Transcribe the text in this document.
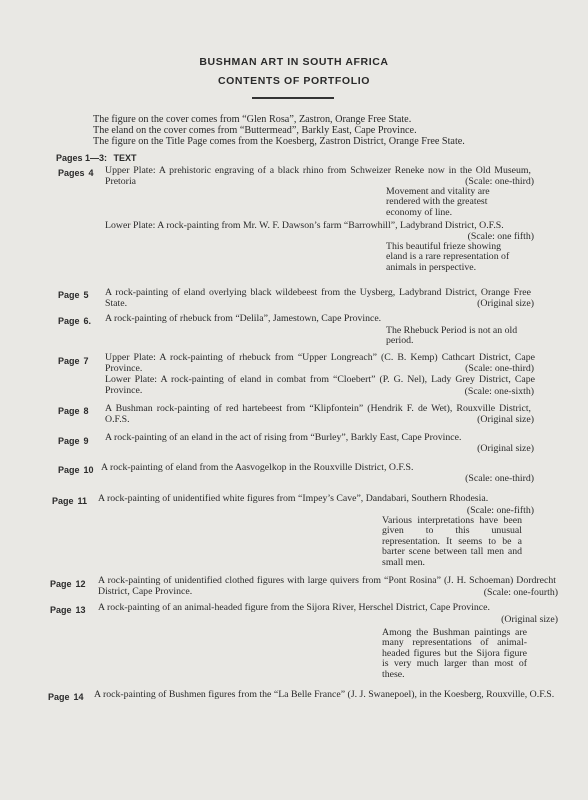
BUSHMAN ART IN SOUTH AFRICA
CONTENTS OF PORTFOLIO
The figure on the cover comes from “Glen Rosa”, Zastron, Orange Free State.
The eland on the cover comes from “Buttermead”, Barkly East, Cape Province.
The figure on the Title Page comes from the Koesberg, Zastron District, Orange Free State.
Pages 1—3: TEXT
Pages 4 Upper Plate: A prehistoric engraving of a black rhino from Schweizer Reneke now in the Old Museum, Pretoria	(Scale: one-third)
Movement and vitality are rendered with the greatest economy of line.
Lower Plate: A rock-painting from Mr. W. F. Dawson’s farm “Barrowhill”, Ladybrand District, O.F.S.
(Scale: one fifth)
This beautiful frieze showing eland is a rare representation of animals in perspective.
Page 5 A rock-painting of eland overlying black wildebeest from the Uysberg, Ladybrand District, Orange Free State.	(Original size)
Page 6. A rock-painting of rhebuck from “Delila”, Jamestown, Cape Province.
The Rhebuck Period is not an old period.
Page 7 Upper Plate: A rock-painting of rhebuck from “Upper Longreach” (C. B. Kemp) Cathcart District, Cape Province.	(Scale: one-third)
Lower Plate: A rock-painting of eland in combat from “Cloebert” (P. G. Nel), Lady Grey District, Cape Province.	(Scale: one-sixth)
Page 8 A Bushman rock-painting of red hartebeest from “Klipfontein” (Hendrik F. de Wet), Rouxville District, O.F.S.	(Original size)
Page 9 A rock-painting of an eland in the act of rising from “Burley”, Barkly East, Cape Province.
(Original size)
Page 10 A rock-painting of eland from the Aasvogelkop in the Rouxville District, O.F.S.
(Scale: one-third)
Page 11 A rock-painting of unidentified white figures from “Impey’s Cave”, Dandabari, Southern Rhodesia.
(Scale: one-fifth)
Various interpretations have been given to this unusual representation. It seems to be a barter scene between tall men and small men.
Page 12 A rock-painting of unidentified clothed figures with large quivers from “Pont Rosina” (J. H. Schoeman) Dordrecht District, Cape Province.	(Scale: one-fourth)
Page 13 A rock-painting of an animal-headed figure from the Sijora River, Herschel District, Cape Province.
(Original size)
Among the Bushman paintings are many representations of animal-headed figures but the Sijora figure is very much larger than most of these.
Page 14 A rock-painting of Bushmen figures from the “La Belle France” (J. J. Swanepoel), in the Koesberg, Rouxville, O.F.S.
